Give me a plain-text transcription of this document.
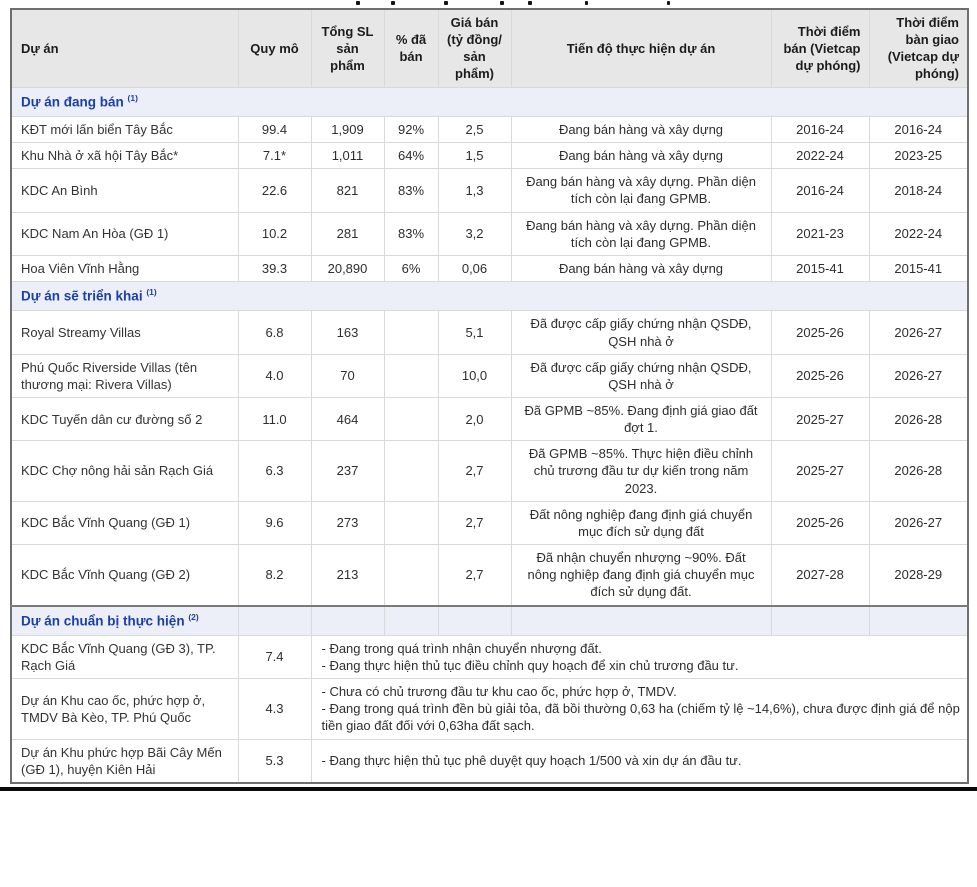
Dự án	Quy mô	Tổng SL sản phẩm	% đã bán	Giá bán (tỷ đồng/ sản phẩm)	Tiến độ thực hiện dự án	Thời điểm bán (Vietcap dự phóng)	Thời điểm bàn giao (Vietcap dự phóng)
Dự án đang bán $^{(1)}$
KĐT mới lấn biển Tây Bắc	99.4	1,909	92%	2,5	Đang bán hàng và xây dựng	2016-24	2016-24
Khu Nhà ở xã hội Tây Bắc*	7.1*	1,011	64%	1,5	Đang bán hàng và xây dựng	2022-24	2023-25
KDC An Bình	22.6	821	83%	1,3	Đang bán hàng và xây dựng. Phần diện tích còn lại đang GPMB.	2016-24	2018-24
KDC Nam An Hòa (GĐ 1)	10.2	281	83%	3,2	Đang bán hàng và xây dựng. Phần diện tích còn lại đang GPMB.	2021-23	2022-24
Hoa Viên Vĩnh Hằng	39.3	20,890	6%	0,06	Đang bán hàng và xây dựng	2015-41	2015-41
Dự án sẽ triển khai $^{(1)}$
Royal Streamy Villas	6.8	163		5,1	Đã được cấp giấy chứng nhận QSDĐ, QSH nhà ở	2025-26	2026-27
Phú Quốc Riverside Villas (tên thương mại: Rivera Villas)	4.0	70		10,0	Đã được cấp giấy chứng nhận QSDĐ, QSH nhà ở	2025-26	2026-27
KDC Tuyến dân cư đường số 2	11.0	464		2,0	Đã GPMB ~85%. Đang định giá giao đất đợt 1.	2025-27	2026-28
KDC Chợ nông hải sản Rạch Giá	6.3	237		2,7	Đã GPMB ~85%. Thực hiện điều chỉnh chủ trương đầu tư dự kiến trong năm 2023.	2025-27	2026-28
KDC Bắc Vĩnh Quang (GĐ 1)	9.6	273		2,7	Đất nông nghiệp đang định giá chuyển mục đích sử dụng đất	2025-26	2026-27
KDC Bắc Vĩnh Quang (GĐ 2)	8.2	213		2,7	Đã nhận chuyển nhượng ~90%. Đất nông nghiệp đang định giá chuyển mục đích sử dụng đất.	2027-28	2028-29
Dự án chuẩn bị thực hiện $^{(2)}$							
KDC Bắc Vĩnh Quang (GĐ 3), TP. Rạch Giá	7.4	- Đang trong quá trình nhận chuyển nhượng đất.
- Đang thực hiện thủ tục điều chỉnh quy hoạch để xin chủ trương đầu tư.					

Dự án Khu cao ốc, phức hợp ở, TMDV Bà Kèo, TP. Phú Quốc	4.3	- Chưa có chủ trương đầu tư khu cao ốc, phức hợp ở, TMDV.
- Đang trong quá trình đền bù giải tỏa, đã bồi thường 0,63 ha (chiếm tỷ lệ ~14,6%), chưa được định giá để nộp tiền giao đất đối với 0,63ha đất sạch.					

Dự án Khu phức hợp Bãi Cây Mến (GĐ 1), huyện Kiên Hải	5.3	- Đang thực hiện thủ tục phê duyệt quy hoạch 1/500 và xin dự án đầu tư.					
